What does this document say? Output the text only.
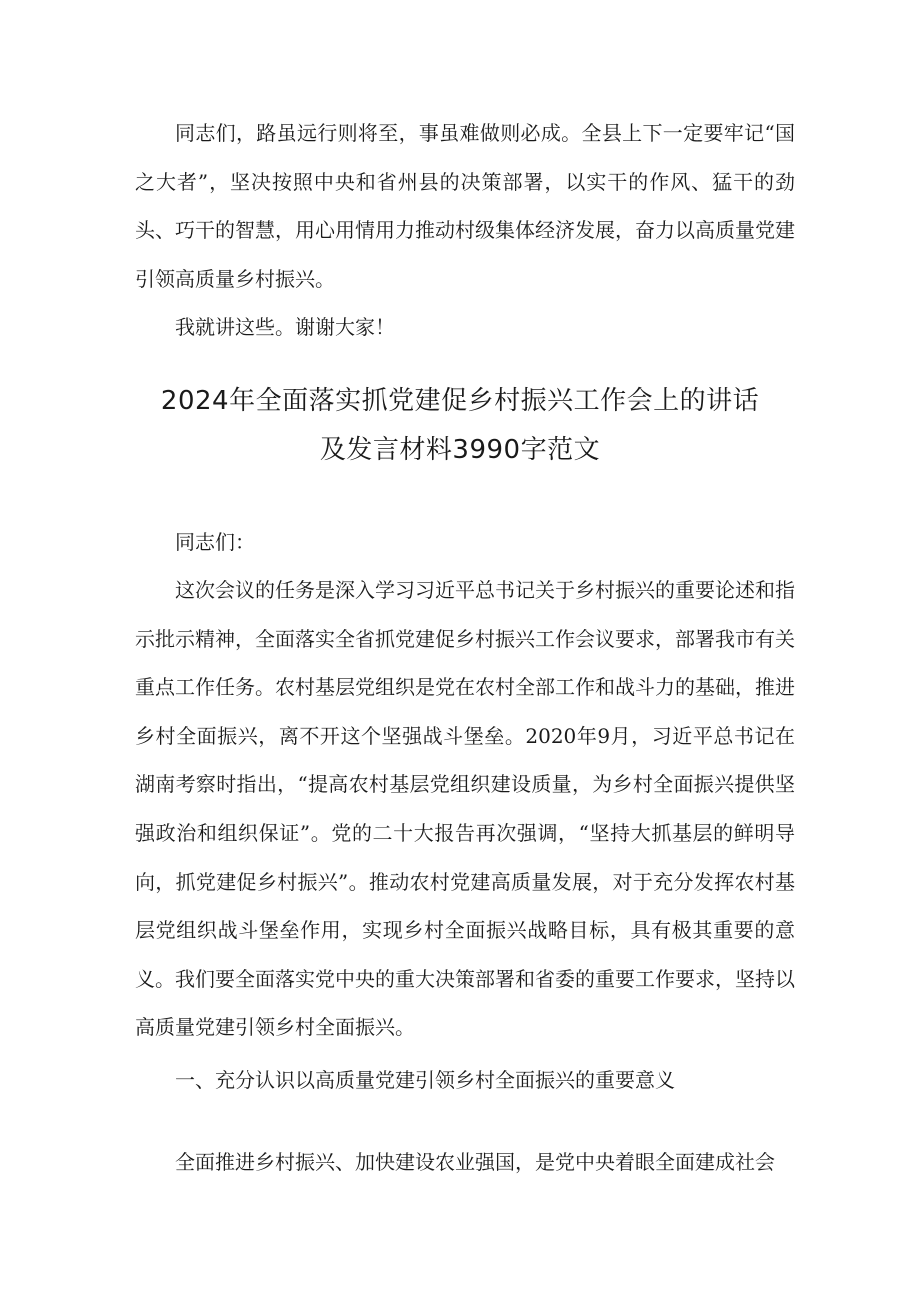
同志们，路虽远行则将至，事虽难做则必成。全县上下一定要牢记“国之大者”，坚决按照中央和省州县的决策部署，以实干的作风、猛干的劲头、巧干的智慧，用心用情用力推动村级集体经济发展，奋力以高质量党建引领高质量乡村振兴。

我就讲这些。谢谢大家！

2024年全面落实抓党建促乡村振兴工作会上的讲话
及发言材料3990字范文

同志们：

这次会议的任务是深入学习习近平总书记关于乡村振兴的重要论述和指示批示精神，全面落实全省抓党建促乡村振兴工作会议要求，部署我市有关重点工作任务。农村基层党组织是党在农村全部工作和战斗力的基础，推进乡村全面振兴，离不开这个坚强战斗堡垒。2020年9月，习近平总书记在湖南考察时指出，“提高农村基层党组织建设质量，为乡村全面振兴提供坚强政治和组织保证”。党的二十大报告再次强调，“坚持大抓基层的鲜明导向，抓党建促乡村振兴”。推动农村党建高质量发展，对于充分发挥农村基层党组织战斗堡垒作用，实现乡村全面振兴战略目标，具有极其重要的意义。我们要全面落实党中央的重大决策部署和省委的重要工作要求，坚持以高质量党建引领乡村全面振兴。

一、充分认识以高质量党建引领乡村全面振兴的重要意义

全面推进乡村振兴、加快建设农业强国，是党中央着眼全面建成社会
